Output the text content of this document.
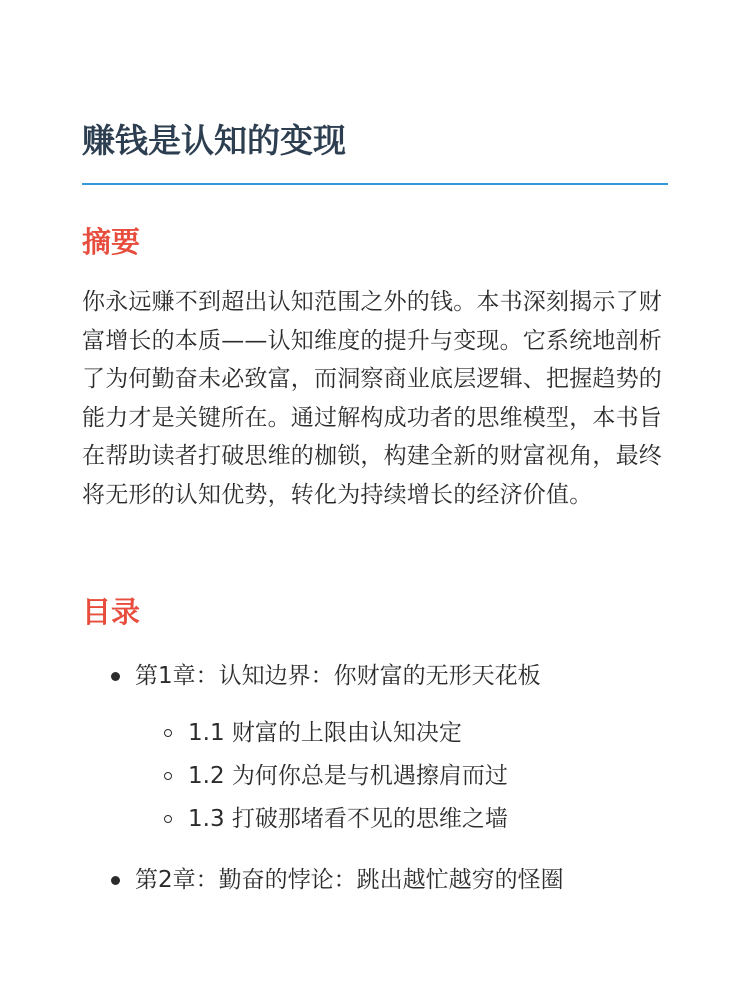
赚钱是认知的变现
摘要

你永远赚不到超出认知范围之外的钱。本书深刻揭示了财富增长的本质——认知维度的提升与变现。它系统地剖析了为何勤奋未必致富，而洞察商业底层逻辑、把握趋势的能力才是关键所在。通过解构成功者的思维模型，本书旨在帮助读者打破思维的枷锁，构建全新的财富视角，最终将无形的认知优势，转化为持续增长的经济价值。

目录
第1章：认知边界：你财富的无形天花板
1.1 财富的上限由认知决定
1.2 为何你总是与机遇擦肩而过
1.3 打破那堵看不见的思维之墙
第2章：勤奋的悖论：跳出越忙越穷的怪圈
